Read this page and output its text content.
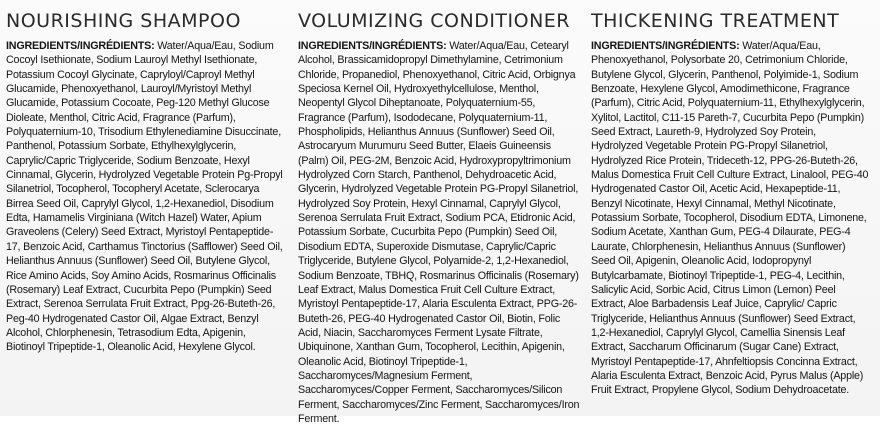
NOURISHING SHAMPOO

INGREDIENTS/INGRÉDIENTS: Water/Aqua/Eau, Sodium Cocoyl Isethionate, Sodium Lauroyl Methyl Isethionate, Potassium Cocoyl Glycinate, Capryloyl/Caproyl Methyl Glucamide, Phenoxyethanol, Lauroyl/Myristoyl Methyl Glucamide, Potassium Cocoate, Peg-120 Methyl Glucose Dioleate, Menthol, Citric Acid, Fragrance (Parfum), Polyquaternium-10, Trisodium Ethylenediamine Disuccinate, Panthenol, Potassium Sorbate, Ethylhexylglycerin, Caprylic/Capric Triglyceride, Sodium Benzoate, Hexyl Cinnamal, Glycerin, Hydrolyzed Vegetable Protein Pg-Propyl Silanetriol, Tocopherol, Tocopheryl Acetate, Sclerocarya Birrea Seed Oil, Caprylyl Glycol, 1,2-Hexanediol, Disodium Edta, Hamamelis Virginiana (Witch Hazel) Water, Apium Graveolens (Celery) Seed Extract, Myristoyl Pentapeptide-17, Benzoic Acid, Carthamus Tinctorius (Safflower) Seed Oil, Helianthus Annuus (Sunflower) Seed Oil, Butylene Glycol, Rice Amino Acids, Soy Amino Acids, Rosmarinus Officinalis (Rosemary) Leaf Extract, Cucurbita Pepo (Pumpkin) Seed Extract, Serenoa Serrulata Fruit Extract, Ppg-26-Buteth-26, Peg-40 Hydrogenated Castor Oil, Algae Extract, Benzyl Alcohol, Chlorphenesin, Tetrasodium Edta, Apigenin, Biotinoyl Tripeptide-1, Oleanolic Acid, Hexylene Glycol.

VOLUMIZING CONDITIONER

INGREDIENTS/INGRÉDIENTS: Water/Aqua/Eau, Cetearyl Alcohol, Brassicamidopropyl Dimethylamine, Cetrimonium Chloride, Propanediol, Phenoxyethanol, Citric Acid, Orbignya Speciosa Kernel Oil, Hydroxyethylcellulose, Menthol, Neopentyl Glycol Diheptanoate, Polyquaternium-55, Fragrance (Parfum), Isododecane, Polyquaternium-11, Phospholipids, Helianthus Annuus (Sunflower) Seed Oil, Astrocaryum Murumuru Seed Butter, Elaeis Guineensis (Palm) Oil, PEG-2M, Benzoic Acid, Hydroxypropyltrimonium Hydrolyzed Corn Starch, Panthenol, Dehydroacetic Acid, Glycerin, Hydrolyzed Vegetable Protein PG-Propyl Silanetriol, Hydrolyzed Soy Protein, Hexyl Cinnamal, Caprylyl Glycol, Serenoa Serrulata Fruit Extract, Sodium PCA, Etidronic Acid, Potassium Sorbate, Cucurbita Pepo (Pumpkin) Seed Oil, Disodium EDTA, Superoxide Dismutase, Caprylic/Capric Triglyceride, Butylene Glycol, Polyamide-2, 1,2-Hexanediol, Sodium Benzoate, TBHQ, Rosmarinus Officinalis (Rosemary) Leaf Extract, Malus Domestica Fruit Cell Culture Extract, Myristoyl Pentapeptide-17, Alaria Esculenta Extract, PPG-26-Buteth-26, PEG-40 Hydrogenated Castor Oil, Biotin, Folic Acid, Niacin, Saccharomyces Ferment Lysate Filtrate, Ubiquinone, Xanthan Gum, Tocopherol, Lecithin, Apigenin, Oleanolic Acid, Biotinoyl Tripeptide-1, Saccharomyces/Magnesium Ferment, Saccharomyces/Copper Ferment, Saccharomyces/Silicon Ferment, Saccharomyces/Zinc Ferment, Saccharomyces/Iron Ferment.

THICKENING TREATMENT

INGREDIENTS/INGRÉDIENTS: Water/Aqua/Eau, Phenoxyethanol, Polysorbate 20, Cetrimonium Chloride, Butylene Glycol, Glycerin, Panthenol, Polyimide-1, Sodium Benzoate, Hexylene Glycol, Amodimethicone, Fragrance (Parfum), Citric Acid, Polyquaternium-11, Ethylhexylglycerin, Xylitol, Lactitol, C11-15 Pareth-7, Cucurbita Pepo (Pumpkin) Seed Extract, Laureth-9, Hydrolyzed Soy Protein, Hydrolyzed Vegetable Protein PG-Propyl Silanetriol, Hydrolyzed Rice Protein, Trideceth-12, PPG-26-Buteth-26, Malus Domestica Fruit Cell Culture Extract, Linalool, PEG-40 Hydrogenated Castor Oil, Acetic Acid, Hexapeptide-11, Benzyl Nicotinate, Hexyl Cinnamal, Methyl Nicotinate, Potassium Sorbate, Tocopherol, Disodium EDTA, Limonene, Sodium Acetate, Xanthan Gum, PEG-4 Dilaurate, PEG-4 Laurate, Chlorphenesin, Helianthus Annuus (Sunflower) Seed Oil, Apigenin, Oleanolic Acid, Iodopropynyl Butylcarbamate, Biotinoyl Tripeptide-1, PEG-4, Lecithin, Salicylic Acid, Sorbic Acid, Citrus Limon (Lemon) Peel Extract, Aloe Barbadensis Leaf Juice, Caprylic/ Capric Triglyceride, Helianthus Annuus (Sunflower) Seed Extract, 1,2-Hexanediol, Caprylyl Glycol, Camellia Sinensis Leaf Extract, Saccharum Officinarum (Sugar Cane) Extract, Myristoyl Pentapeptide-17, Ahnfeltiopsis Concinna Extract, Alaria Esculenta Extract, Benzoic Acid, Pyrus Malus (Apple) Fruit Extract, Propylene Glycol, Sodium Dehydroacetate.
